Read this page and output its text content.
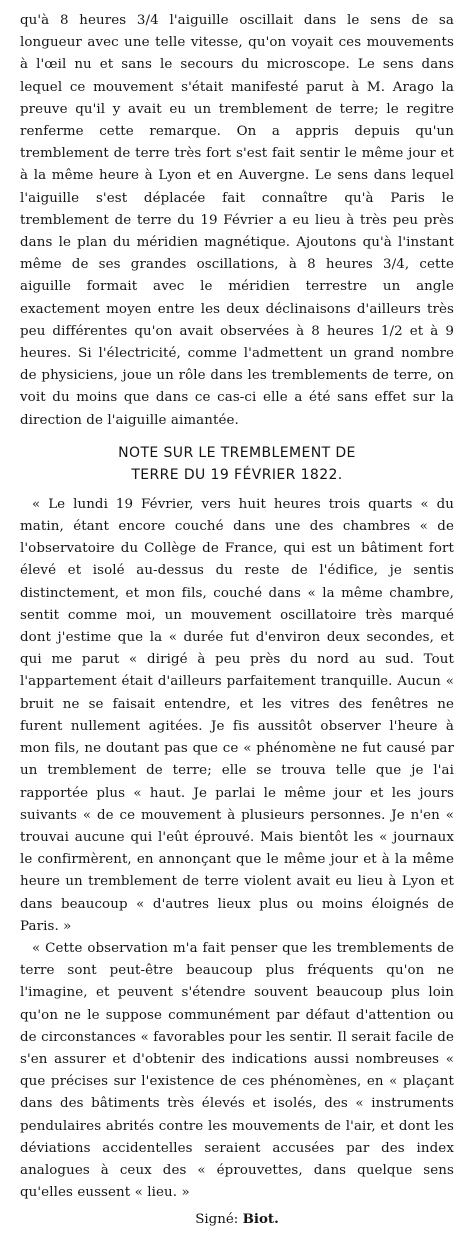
qu'à 8 heures 3/4 l'aiguille oscillait dans le sens de sa longueur avec une telle vitesse, qu'on voyait ces mouvements à l'œil nu et sans le secours du microscope. Le sens dans lequel ce mouvement s'était manifesté parut à M. Arago la preuve qu'il y avait eu un tremblement de terre; le regitre renferme cette remarque. On a appris depuis qu'un tremblement de terre très fort s'est fait sentir le même jour et à la même heure à Lyon et en Auvergne. Le sens dans lequel l'aiguille s'est déplacée fait connaître qu'à Paris le tremblement de terre du 19 Février a eu lieu à très peu près dans le plan du méridien magnétique. Ajoutons qu'à l'instant même de ses grandes oscillations, à 8 heures 3/4, cette aiguille formait avec le méridien terrestre un angle exactement moyen entre les deux déclinaisons d'ailleurs très peu différentes qu'on avait observées à 8 heures 1/2 et à 9 heures. Si l'électricité, comme l'admettent un grand nombre de physiciens, joue un rôle dans les tremblements de terre, on voit du moins que dans ce cas-ci elle a été sans effet sur la direction de l'aiguille aimantée.

NOTE SUR LE TREMBLEMENT DE
TERRE DU 19 FÉVRIER 1822.

« Le lundi 19 Février, vers huit heures trois quarts « du matin, étant encore couché dans une des chambres « de l'observatoire du Collège de France, qui est un bâtiment fort élevé et isolé au-dessus du reste de l'édifice, je sentis distinctement, et mon fils, couché dans « la même chambre, sentit comme moi, un mouvement oscillatoire très marqué dont j'estime que la « durée fut d'environ deux secondes, et qui me parut « dirigé à peu près du nord au sud. Tout l'appartement était d'ailleurs parfaitement tranquille. Aucun « bruit ne se faisait entendre, et les vitres des fenêtres ne furent nullement agitées. Je fis aussitôt observer l'heure à mon fils, ne doutant pas que ce « phénomène ne fut causé par un tremblement de terre; elle se trouva telle que je l'ai rapportée plus « haut. Je parlai le même jour et les jours suivants « de ce mouvement à plusieurs personnes. Je n'en « trouvai aucune qui l'eût éprouvé. Mais bientôt les « journaux le confirmèrent, en annonçant que le même jour et à la même heure un tremblement de terre violent avait eu lieu à Lyon et dans beaucoup « d'autres lieux plus ou moins éloignés de Paris. »

« Cette observation m'a fait penser que les tremblements de terre sont peut-être beaucoup plus fréquents qu'on ne l'imagine, et peuvent s'étendre souvent beaucoup plus loin qu'on ne le suppose communément par défaut d'attention ou de circonstances « favorables pour les sentir. Il serait facile de s'en assurer et d'obtenir des indications aussi nombreuses « que précises sur l'existence de ces phénomènes, en « plaçant dans des bâtiments très élevés et isolés, des « instruments pendulaires abrités contre les mouvements de l'air, et dont les déviations accidentelles seraient accusées par des index analogues à ceux des « éprouvettes, dans quelque sens qu'elles eussent « lieu. »

Signé: Biot.
